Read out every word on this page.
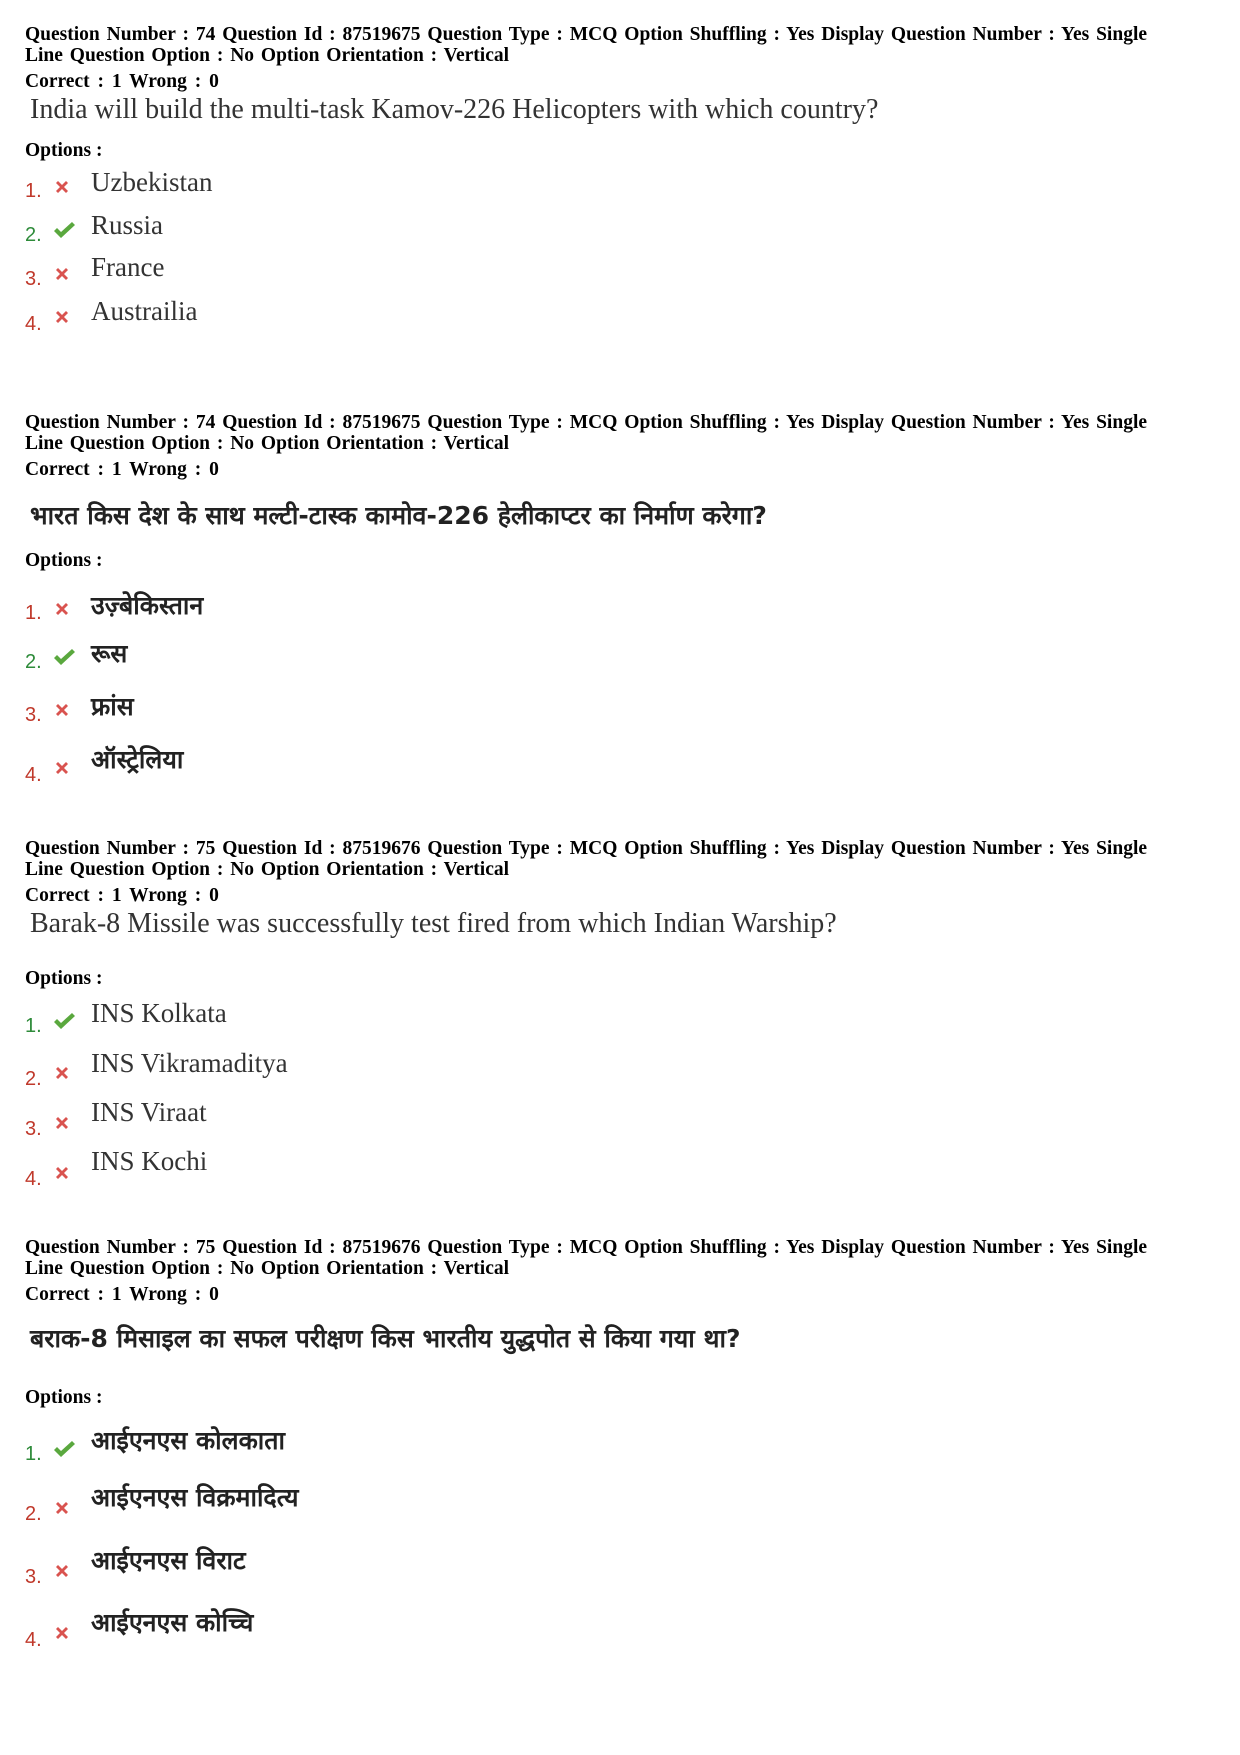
Question Number : 74 Question Id : 87519675 Question Type : MCQ Option Shuffling : Yes Display Question Number : Yes Single
Line Question Option : No Option Orientation : Vertical
Correct : 1 Wrong : 0
India will build the multi-task Kamov-226 Helicopters with which country?
Options :
1. Uzbekistan
2. Russia
3. France
4. Austrailia
Question Number : 74 Question Id : 87519675 Question Type : MCQ Option Shuffling : Yes Display Question Number : Yes Single
Line Question Option : No Option Orientation : Vertical
Correct : 1 Wrong : 0
भारत किस देश के साथ मल्टी-टास्क कामोव-226 हेलीकाप्टर का निर्माण करेगा?
Options :
1. उज़्बेकिस्तान
2. रूस
3. फ्रांस
4.
ऑस्ट्रेलिया
Question Number : 75 Question Id : 87519676 Question Type : MCQ Option Shuffling : Yes Display Question Number : Yes Single
Line Question Option : No Option Orientation : Vertical
Correct : 1 Wrong : 0
Barak-8 Missile was successfully test fired from which Indian Warship?
Options :
1. INS Kolkata
2.
INS Vikramaditya
3.
INS Viraat
4.
INS Kochi
Question Number : 75 Question Id : 87519676 Question Type : MCQ Option Shuffling : Yes Display Question Number : Yes Single
Line Question Option : No Option Orientation : Vertical
Correct : 1 Wrong : 0
बराक-8 मिसाइल का सफल परीक्षण किस भारतीय युद्धपोत से किया गया था?
Options :
1. आईएनएस कोलकाता
2.
आईएनएस विक्रमादित्य
3.
आईएनएस विराट
4.
आईएनएस कोच्चि
